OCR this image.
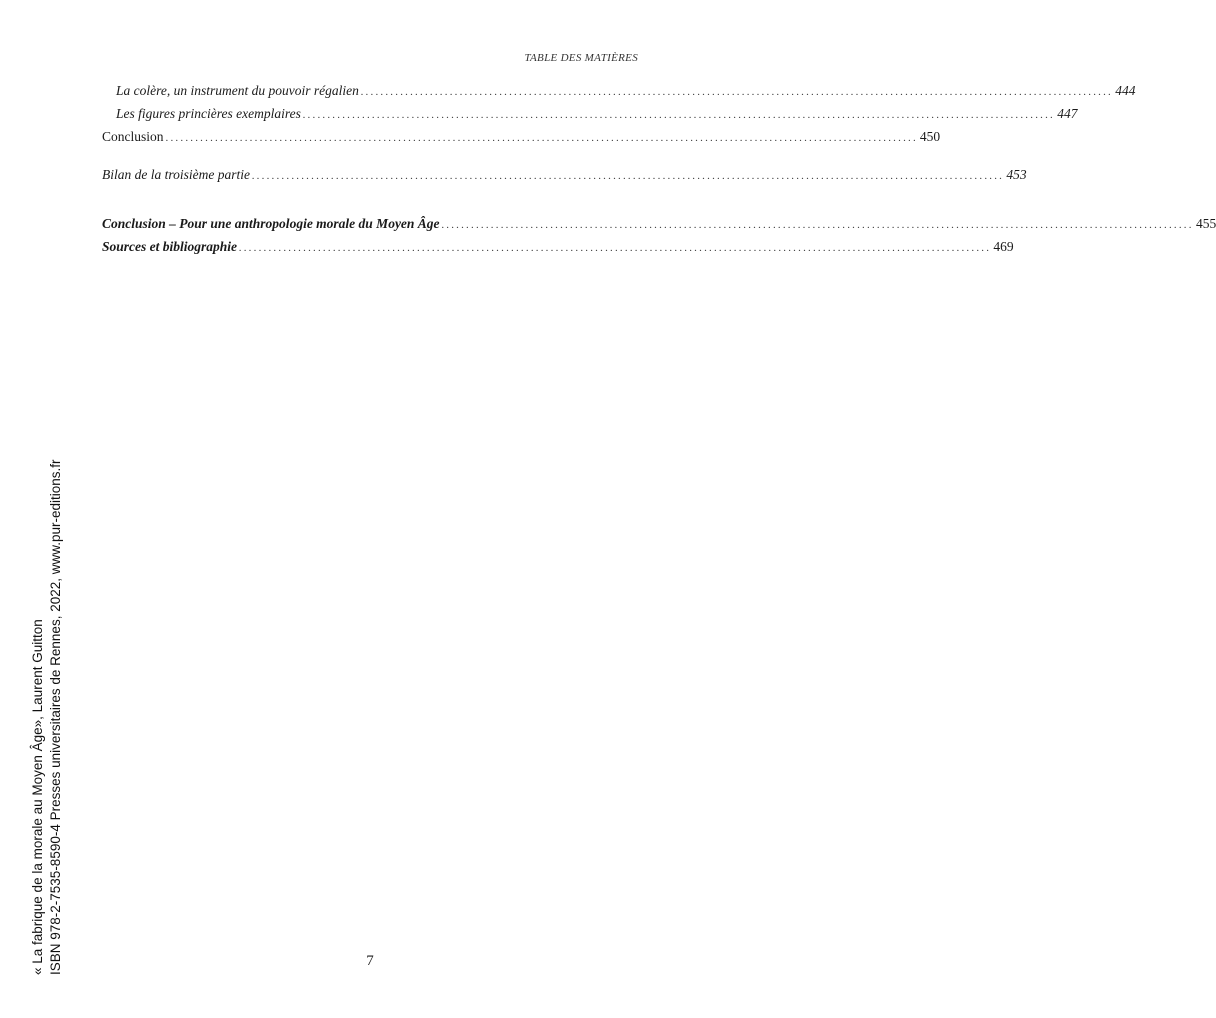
TABLE DES MATIÈRES
La colère, un instrument du pouvoir régalien ........................................................................................................................................................ 444
Les figures princières exemplaires ........................................................................................................................................................ 447
Conclusion ........................................................................................................................................................ 450
Bilan de la troisième partie ........................................................................................................................................................ 453
Conclusion – Pour une anthropologie morale du Moyen Âge ........................................................................................................................................................ 455
Sources et bibliographie ........................................................................................................................................................ 469
7
« La fabrique de la morale au Moyen Âge», Laurent Guitton ISBN 978-2-7535-8590-4 Presses universitaires de Rennes, 2022, www.pur-editions.fr
